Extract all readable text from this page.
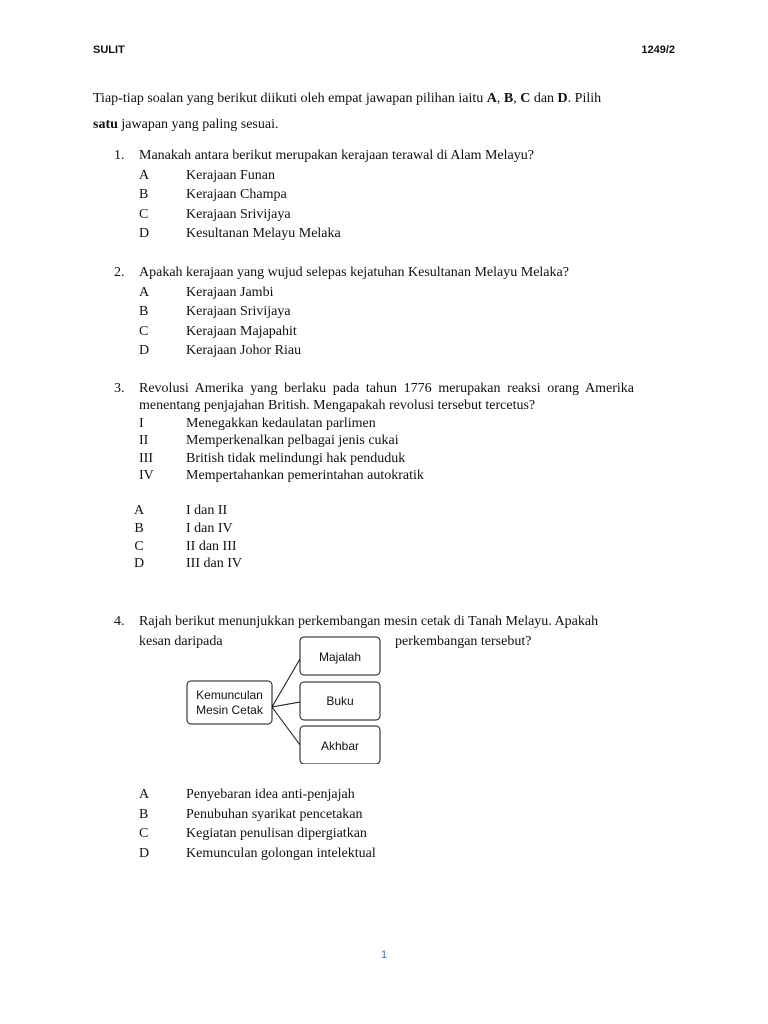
SULIT	1249/2
Tiap-tiap soalan yang berikut diikuti oleh empat jawapan pilihan iaitu A, B, C dan D. Pilih
satu jawapan yang paling sesuai.
1. Manakah antara berikut merupakan kerajaan terawal di Alam Melayu?
A	Kerajaan Funan
B	Kerajaan Champa
C	Kerajaan Srivijaya
D	Kesultanan Melayu Melaka
2. Apakah kerajaan yang wujud selepas kejatuhan Kesultanan Melayu Melaka?
A	Kerajaan Jambi
B	Kerajaan Srivijaya
C	Kerajaan Majapahit
D	Kerajaan Johor Riau
3. Revolusi Amerika yang berlaku pada tahun 1776 merupakan reaksi orang Amerika menentang penjajahan British. Mengapakah revolusi tersebut tercetus?
I	Menegakkan kedaulatan parlimen
II	Memperkenalkan pelbagai jenis cukai
III British tidak melindungi hak penduduk
IV Mempertahankan pemerintahan autokratik
A	I dan II
B	I dan IV
C	II dan III
D	III dan IV
4. Rajah berikut menunjukkan perkembangan mesin cetak di Tanah Melayu. Apakah
kesan daripada	perkembangan tersebut?
Kemunculan
Mesin Cetak
Majalah
Buku
Akhbar
A	Penyebaran idea anti-penjajah
B	Penubuhan syarikat pencetakan
C	Kegiatan penulisan dipergiatkan
D	Kemunculan golongan intelektual
1
